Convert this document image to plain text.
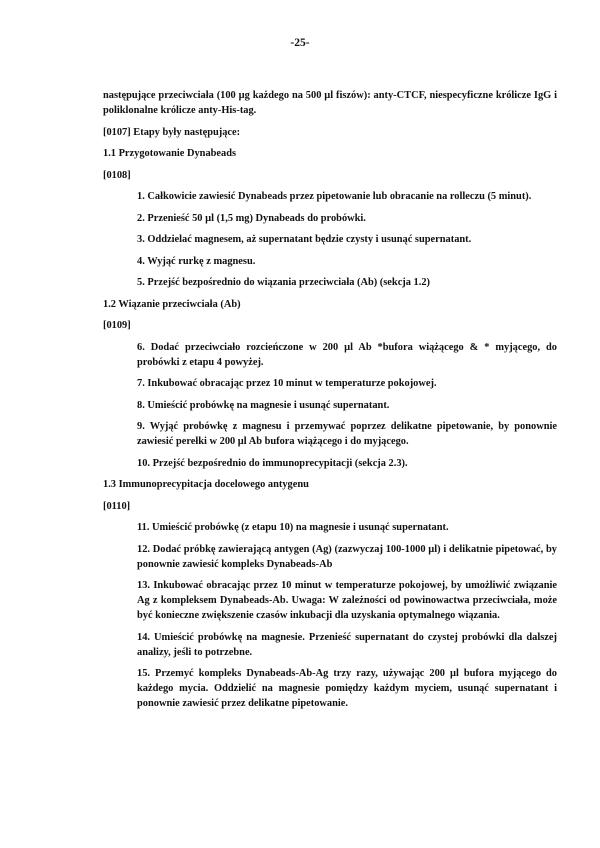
-25-

następujące przeciwciała (100 µg każdego na 500 µl fiszów): anty-CTCF, niespecyficzne królicze IgG i poliklonalne królicze anty-His-tag.

[0107] Etapy były następujące:

1.1 Przygotowanie Dynabeads
[0108]

1. Całkowicie zawiesić Dynabeads przez pipetowanie lub obracanie na rolleczu (5 minut).

2. Przenieść 50 µl (1,5 mg) Dynabeads do probówki.

3. Oddzielać magnesem, aż supernatant będzie czysty i usunąć supernatant.

4. Wyjąć rurkę z magnesu.

5. Przejść bezpośrednio do wiązania przeciwciała (Ab) (sekcja 1.2)

1.2 Wiązanie przeciwciała (Ab)
[0109]

6. Dodać przeciwciało rozcieńczone w 200 µl Ab *bufora wiążącego & * myjącego, do probówki z etapu 4 powyżej.

7. Inkubować obracając przez 10 minut w temperaturze pokojowej.

8. Umieścić probówkę na magnesie i usunąć supernatant.

9. Wyjąć probówkę z magnesu i przemywać poprzez delikatne pipetowanie, by ponownie zawiesić perełki w 200 µl Ab bufora wiążącego i do myjącego.

10. Przejść bezpośrednio do immunoprecypitacji (sekcja 2.3).

1.3 Immunoprecypitacja docelowego antygenu
[0110]

11. Umieścić probówkę (z etapu 10) na magnesie i usunąć supernatant.

12. Dodać próbkę zawierającą antygen (Ag) (zazwyczaj 100-1000 µl) i delikatnie pipetować, by ponownie zawiesić kompleks Dynabeads-Ab

13. Inkubować obracając przez 10 minut w temperaturze pokojowej, by umożliwić związanie Ag z kompleksem Dynabeads-Ab. Uwaga: W zależności od powinowactwa przeciwciała, może być konieczne zwiększenie czasów inkubacji dla uzyskania optymalnego wiązania.

14. Umieścić probówkę na magnesie. Przenieść supernatant do czystej probówki dla dalszej analizy, jeśli to potrzebne.

15. Przemyć kompleks Dynabeads-Ab-Ag trzy razy, używając 200 µl bufora myjącego do każdego mycia. Oddzielić na magnesie pomiędzy każdym myciem, usunąć supernatant i ponownie zawiesić przez delikatne pipetowanie.
